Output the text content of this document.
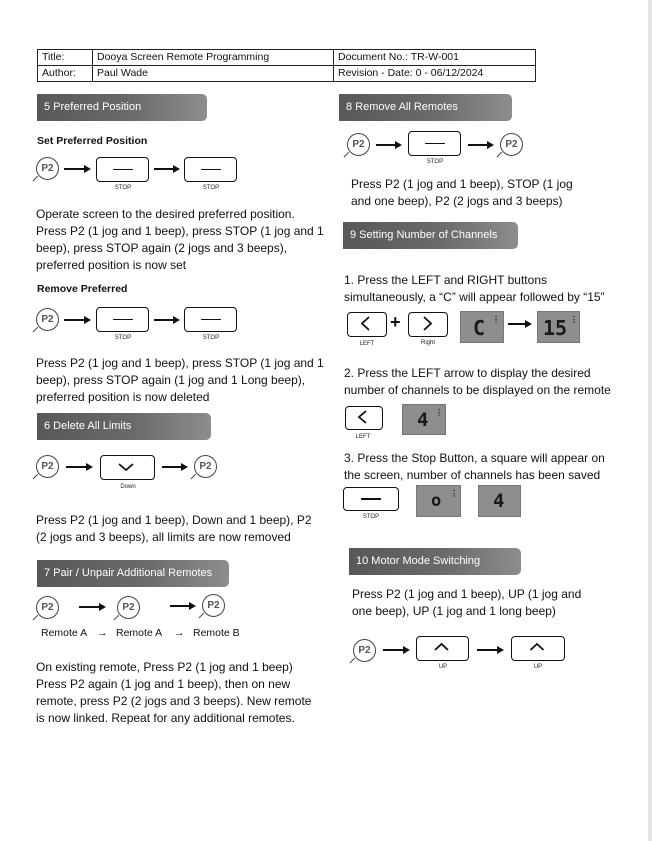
Title:	Dooya Screen Remote Programming	Document No.: TR-W-001
Author:	Paul Wade	Revision - Date: 0 - 06/12/2024
5 Preferred Position
Set Preferred Position
P2
STOP	STOP

Operate screen to the desired preferred position.

Press P2 (1 jog and 1 beep), press STOP (1 jog and 1

beep), press STOP again (2 jogs and 3 beeps),

preferred position is now set

Remove Preferred
P2
STOP	STOP

Press P2 (1 jog and 1 beep), press STOP (1 jog and 1

beep), press STOP again (1 jog and 1 Long beep),

preferred position is now deleted

6 Delete All Limits
P2
Down
P2

Press P2 (1 jog and 1 beep), Down and 1 beep), P2

(2 jogs and 3 beeps), all limits are now removed

7 Pair / Unpair Additional Remotes
P2	P2	P2
Remote A → Remote A → Remote B

On existing remote, Press P2 (1 jog and 1 beep)

Press P2 again (1 jog and 1 beep), then on new

remote, press P2 (2 jogs and 3 beeps). New remote

is now linked. Repeat for any additional remotes.

8 Remove All Remotes
P2
STOP
P2

Press P2 (1 jog and 1 beep), STOP (1 jog

and one beep), P2 (2 jogs and 3 beeps)

9 Setting Number of Channels

1. Press the LEFT and RIGHT buttons

simultaneously, a “C” will appear followed by “15”

LEFT
+
Right
C ⋮ 15 ⋮

2. Press the LEFT arrow to display the desired

number of channels to be displayed on the remote

LEFT
4 ⋮

3. Press the Stop Button, a square will appear on

the screen, number of channels has been saved

STOP
o ⋮ 4
10 Motor Mode Switching

Press P2 (1 jog and 1 beep), UP (1 jog and

one beep), UP (1 jog and 1 long beep)

P2
UP	UP
